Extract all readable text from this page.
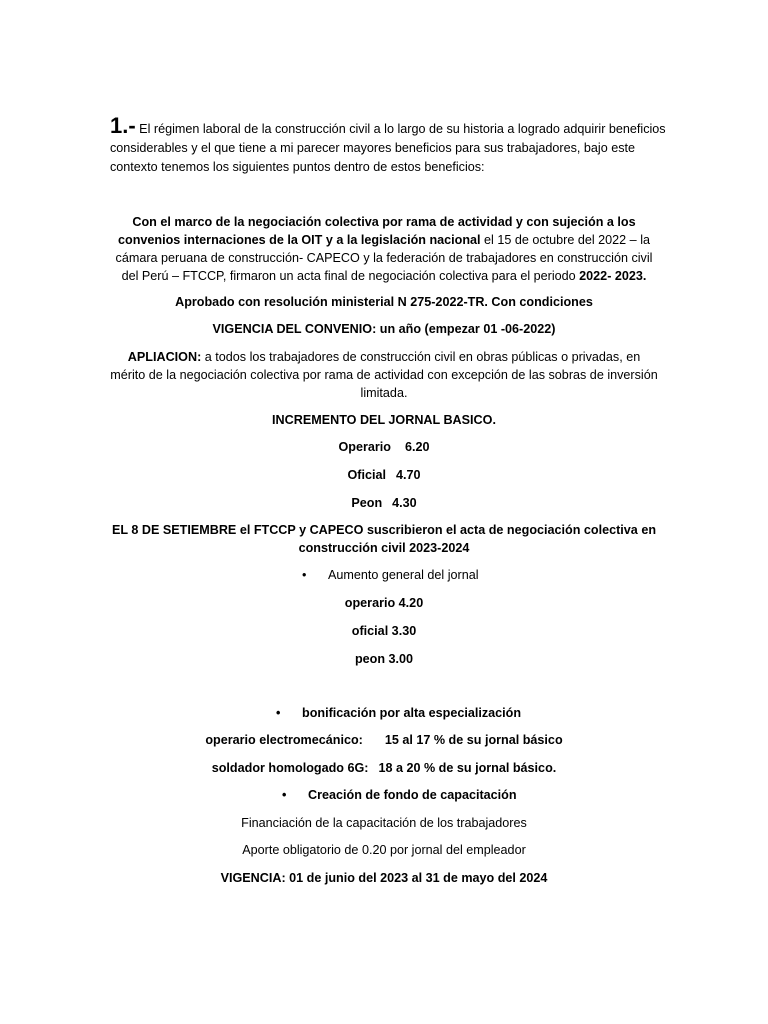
1.- El régimen laboral de la construcción civil a lo largo de su historia a logrado adquirir beneficios considerables y el que tiene a mi parecer mayores beneficios para sus trabajadores, bajo este contexto tenemos los siguientes puntos dentro de estos beneficios:

Con el marco de la negociación colectiva por rama de actividad y con sujeción a los convenios internaciones de la OIT y a la legislación nacional el 15 de octubre del 2022 – la cámara peruana de construcción- CAPECO y la federación de trabajadores en construcción civil del Perú – FTCCP, firmaron un acta final de negociación colectiva para el periodo 2022- 2023.

Aprobado con resolución ministerial N 275-2022-TR. Con condiciones

VIGENCIA DEL CONVENIO: un año (empezar 01 -06-2022)

APLIACION: a todos los trabajadores de construcción civil en obras públicas o privadas, en mérito de la negociación colectiva por rama de actividad con excepción de las sobras de inversión limitada.

INCREMENTO DEL JORNAL BASICO.

Operario 6.20

Oficial 4.70

Peon 4.30

EL 8 DE SETIEMBRE el FTCCP y CAPECO suscribieron el acta de negociación colectiva en construcción civil 2023-2024

• Aumento general del jornal

operario 4.20

oficial 3.30

peon 3.00

• bonificación por alta especialización

operario electromecánico: 15 al 17 % de su jornal básico

soldador homologado 6G: 18 a 20 % de su jornal básico.

• Creación de fondo de capacitación

Financiación de la capacitación de los trabajadores

Aporte obligatorio de 0.20 por jornal del empleador

VIGENCIA: 01 de junio del 2023 al 31 de mayo del 2024
